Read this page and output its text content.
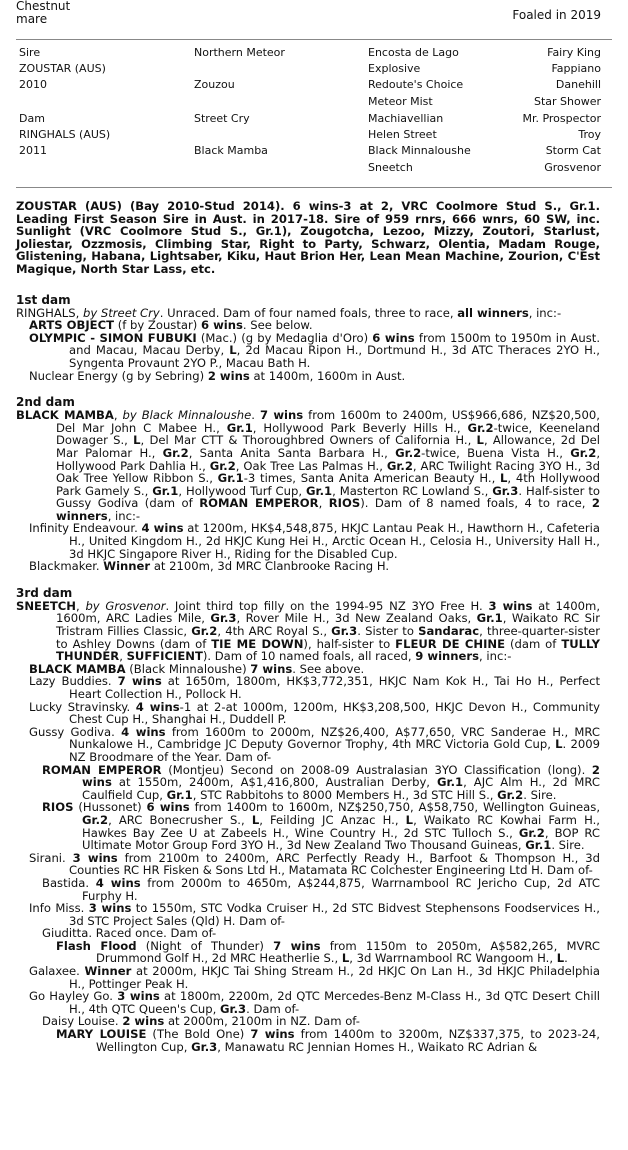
Chestnut
mare	Foaled in 2019
Sire
ZOUSTAR (AUS)
2010
Dam
RINGHALS (AUS)
2011
Northern Meteor
Zouzou
Street Cry
Black Mamba
Encosta de Lago
Explosive
Redoute's Choice
Meteor Mist
Machiavellian
Helen Street
Black Minnaloushe
Sneetch
Fairy King
Fappiano
Danehill
Star Shower
Mr. Prospector
Troy
Storm Cat
Grosvenor
ZOUSTAR (AUS) (Bay 2010-Stud 2014). 6 wins-3 at 2, VRC Coolmore Stud S., Gr.1. Leading First Season Sire in Aust. in 2017-18. Sire of 959 rnrs, 666 wnrs, 60 SW, inc. Sunlight (VRC Coolmore Stud S., Gr.1), Zougotcha, Lezoo, Mizzy, Zoutori, Starlust, Joliestar, Ozzmosis, Climbing Star, Right to Party, Schwarz, Olentia, Madam Rouge, Glistening, Habana, Lightsaber, Kiku, Haut Brion Her, Lean Mean Machine, Zourion, C'Est Magique, North Star Lass, etc.
1st dam
RINGHALS, by Street Cry. Unraced. Dam of four named foals, three to race, all winners, inc:-
ARTS OBJECT (f by Zoustar) 6 wins. See below.
OLYMPIC - SIMON FUBUKI (Mac.) (g by Medaglia d'Oro) 6 wins from 1500m to 1950m in Aust. and Macau, Macau Derby, L, 2d Macau Ripon H., Dortmund H., 3d ATC Theraces 2YO H., Syngenta Provaunt 2YO P., Macau Bath H.
Nuclear Energy (g by Sebring) 2 wins at 1400m, 1600m in Aust.
2nd dam
BLACK MAMBA, by Black Minnaloushe. 7 wins from 1600m to 2400m, US$966,686, NZ$20,500, Del Mar John C Mabee H., Gr.1, Hollywood Park Beverly Hills H., Gr.2-twice, Keeneland Dowager S., L, Del Mar CTT & Thoroughbred Owners of California H., L, Allowance, 2d Del Mar Palomar H., Gr.2, Santa Anita Santa Barbara H., Gr.2-twice, Buena Vista H., Gr.2, Hollywood Park Dahlia H., Gr.2, Oak Tree Las Palmas H., Gr.2, ARC Twilight Racing 3YO H., 3d Oak Tree Yellow Ribbon S., Gr.1-3 times, Santa Anita American Beauty H., L, 4th Hollywood Park Gamely S., Gr.1, Hollywood Turf Cup, Gr.1, Masterton RC Lowland S., Gr.3. Half-sister to Gussy Godiva (dam of ROMAN EMPEROR, RIOS). Dam of 8 named foals, 4 to race, 2 winners, inc:-
Infinity Endeavour. 4 wins at 1200m, HK$4,548,875, HKJC Lantau Peak H., Hawthorn H., Cafeteria H., United Kingdom H., 2d HKJC Kung Hei H., Arctic Ocean H., Celosia H., University Hall H., 3d HKJC Singapore River H., Riding for the Disabled Cup.
Blackmaker. Winner at 2100m, 3d MRC Clanbrooke Racing H.
3rd dam
SNEETCH, by Grosvenor. Joint third top filly on the 1994-95 NZ 3YO Free H. 3 wins at 1400m, 1600m, ARC Ladies Mile, Gr.3, Rover Mile H., 3d New Zealand Oaks, Gr.1, Waikato RC Sir Tristram Fillies Classic, Gr.2, 4th ARC Royal S., Gr.3. Sister to Sandarac, three-quarter-sister to Ashley Downs (dam of TIE ME DOWN), half-sister to FLEUR DE CHINE (dam of TULLY THUNDER, SUFFICIENT). Dam of 10 named foals, all raced, 9 winners, inc:-
BLACK MAMBA (Black Minnaloushe) 7 wins. See above.
Lazy Buddies. 7 wins at 1650m, 1800m, HK$3,772,351, HKJC Nam Kok H., Tai Ho H., Perfect Heart Collection H., Pollock H.
Lucky Stravinsky. 4 wins-1 at 2-at 1000m, 1200m, HK$3,208,500, HKJC Devon H., Community Chest Cup H., Shanghai H., Duddell P.
Gussy Godiva. 4 wins from 1600m to 2000m, NZ$26,400, A$77,650, VRC Sanderae H., MRC Nunkalowe H., Cambridge JC Deputy Governor Trophy, 4th MRC Victoria Gold Cup, L. 2009 NZ Broodmare of the Year. Dam of-
ROMAN EMPEROR (Montjeu) Second on 2008-09 Australasian 3YO Classification (long). 2 wins at 1550m, 2400m, A$1,416,800, Australian Derby, Gr.1, AJC Alm H., 2d MRC Caulfield Cup, Gr.1, STC Rabbitohs to 8000 Members H., 3d STC Hill S., Gr.2. Sire.
RIOS (Hussonet) 6 wins from 1400m to 1600m, NZ$250,750, A$58,750, Wellington Guineas, Gr.2, ARC Bonecrusher S., L, Feilding JC Anzac H., L, Waikato RC Kowhai Farm H., Hawkes Bay Zee U at Zabeels H., Wine Country H., 2d STC Tulloch S., Gr.2, BOP RC Ultimate Motor Group Ford 3YO H., 3d New Zealand Two Thousand Guineas, Gr.1. Sire.
Sirani. 3 wins from 2100m to 2400m, ARC Perfectly Ready H., Barfoot & Thompson H., 3d Counties RC HR Fisken & Sons Ltd H., Matamata RC Colchester Engineering Ltd H. Dam of-
Bastida. 4 wins from 2000m to 4650m, A$244,875, Warrnambool RC Jericho Cup, 2d ATC Furphy H.
Info Miss. 3 wins to 1550m, STC Vodka Cruiser H., 2d STC Bidvest Stephensons Foodservices H., 3d STC Project Sales (Qld) H. Dam of-
Giuditta. Raced once. Dam of-
Flash Flood (Night of Thunder) 7 wins from 1150m to 2050m, A$582,265, MVRC Drummond Golf H., 2d MRC Heatherlie S., L, 3d Warrnambool RC Wangoom H., L.
Galaxee. Winner at 2000m, HKJC Tai Shing Stream H., 2d HKJC On Lan H., 3d HKJC Philadelphia H., Pottinger Peak H.
Go Hayley Go. 3 wins at 1800m, 2200m, 2d QTC Mercedes-Benz M-Class H., 3d QTC Desert Chill H., 4th QTC Queen's Cup, Gr.3. Dam of-
Daisy Louise. 2 wins at 2000m, 2100m in NZ. Dam of-
MARY LOUISE (The Bold One) 7 wins from 1400m to 3200m, NZ$337,375, to 2023-24, Wellington Cup, Gr.3, Manawatu RC Jennian Homes H., Waikato RC Adrian &
